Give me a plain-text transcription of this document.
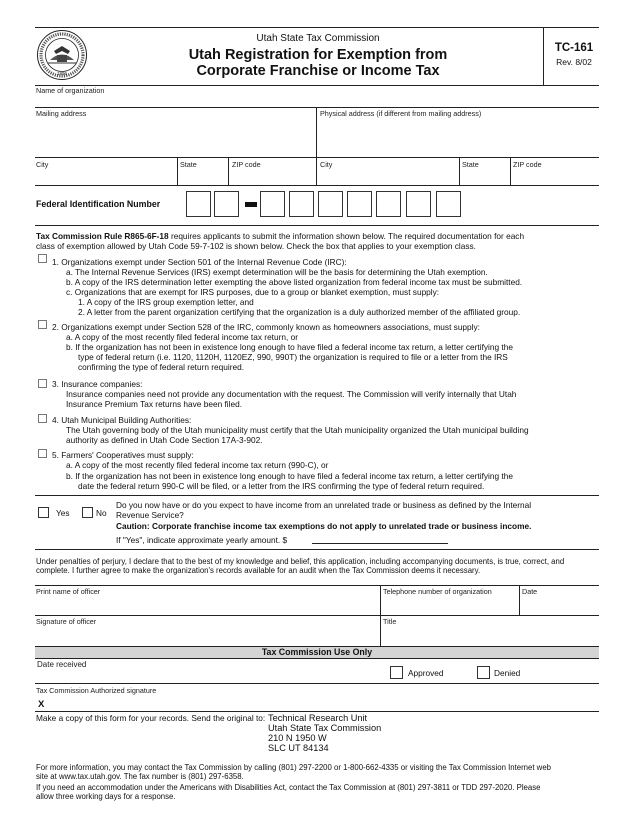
1896
Utah State Tax Commission
Utah Registration for Exemption from
Corporate Franchise or Income Tax
TC-161
Rev. 8/02
Name of organization
Mailing address	Physical address (if different from mailing address)
City	State	ZIP code	City	State	ZIP code
Federal Identification Number
Tax Commission Rule R865-6F-18 requires applicants to submit the information shown below. The required documentation for each
class of exemption allowed by Utah Code 59-7-102 is shown below. Check the box that applies to your exemption class.
1. Organizations exempt under Section 501 of the Internal Revenue Code (IRC):
a. The Internal Revenue Services (IRS) exempt determination will be the basis for determining the Utah exemption.
b. A copy of the IRS determination letter exempting the above listed organization from federal income tax must be submitted.
c. Organizations that are exempt for IRS purposes, due to a group or blanket exemption, must supply:
1. A copy of the IRS group exemption letter, and
2. A letter from the parent organization certifying that the organization is a duly authorized member of the affiliated group.
2. Organizations exempt under Section 528 of the IRC, commonly known as homeowners associations, must supply:
a. A copy of the most recently filed federal income tax return, or
b. If the organization has not been in existence long enough to have filed a federal income tax return, a letter certifying the
type of federal return (i.e. 1120, 1120H, 1120EZ, 990, 990T) the organization is required to file or a letter from the IRS
confirming the type of federal return required.
3. Insurance companies:
Insurance companies need not provide any documentation with the request. The Commission will verify internally that Utah
Insurance Premium Tax returns have been filed.
4. Utah Municipal Building Authorities:
The Utah governing body of the Utah municipality must certify that the Utah municipality organized the Utah municipal building
authority as defined in Utah Code Section 17A-3-902.
5. Farmers' Cooperatives must supply:
a. A copy of the most recently filed federal income tax return (990-C), or
b. If the organization has not been in existence long enough to have filed a federal income tax return, a letter certifying the
date the federal return 990-C will be filed, or a letter from the IRS confirming the type of federal return required.
Yes	No
Do you now have or do you expect to have income from an unrelated trade or business as defined by the Internal
Revenue Service?
Caution: Corporate franchise income tax exemptions do not apply to unrelated trade or business income.
If "Yes", indicate approximate yearly amount. $
Under penalties of perjury, I declare that to the best of my knowledge and belief, this application, including accompanying documents, is true, correct, and
complete. I further agree to make the organization's records available for an audit when the Tax Commission deems it necessary.
Print name of officer	Telephone number of organization	Date
Signature of officer	Title
Tax Commission Use Only
Date received
Approved	Denied
Tax Commission Authorized signature
X
Make a copy of this form for your records. Send the original to: Technical Research Unit
Utah State Tax Commission
210 N 1950 W
SLC UT 84134
For more information, you may contact the Tax Commission by calling (801) 297-2200 or 1-800-662-4335 or visiting the Tax Commission Internet web
site at www.tax.utah.gov. The fax number is (801) 297-6358.
If you need an accommodation under the Americans with Disabilities Act, contact the Tax Commission at (801) 297-3811 or TDD 297-2020. Please
allow three working days for a response.
